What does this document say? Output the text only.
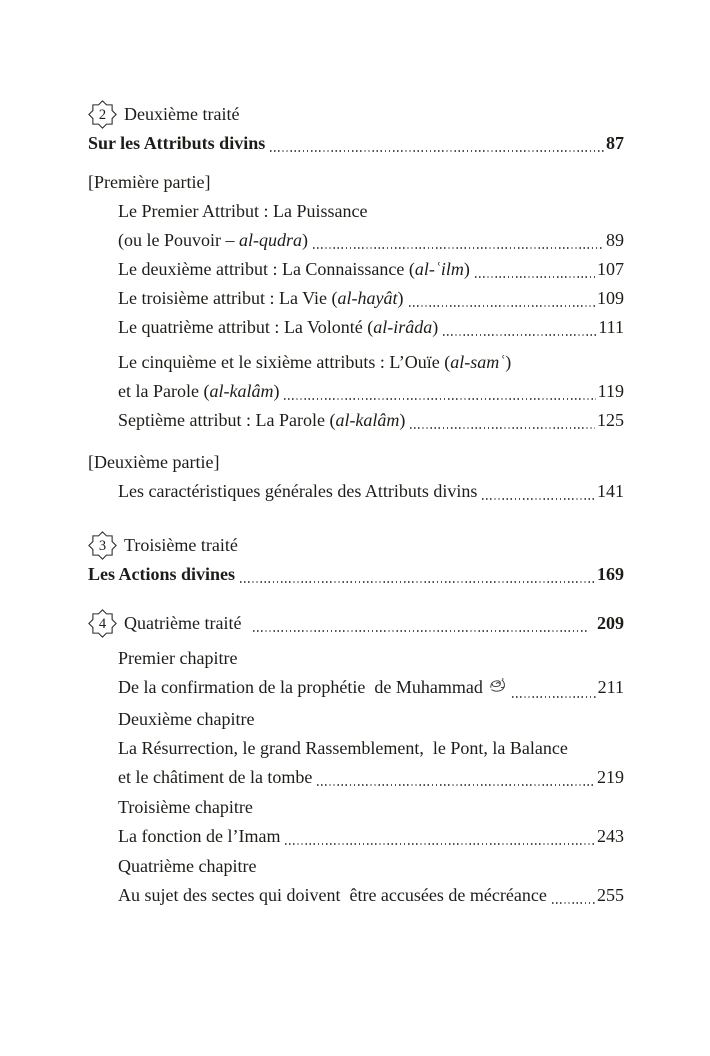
2 Deuxième traité
Sur les Attributs divins	87
[Première partie]
Le Premier Attribut : La Puissance
(ou le Pouvoir – al-qudra )	89
Le deuxième attribut : La Connaissance ( al-ʿilm )	107
Le troisième attribut : La Vie ( al-hayât )	109
Le quatrième attribut : La Volonté ( al-irâda )	111
Le cinquième et le sixième attributs : L’Ouïe ( al-samʿ )
et la Parole ( al-kalâm )	119
Septième attribut : La Parole ( al-kalâm )	125
[Deuxième partie]
Les caractéristiques générales des Attributs divins	141
3 Troisième traité
Les Actions divines	169
4 Quatrième traité	209
Premier chapitre
De la confirmation de la prophétie  de Muhammad	211
Deuxième chapitre
La Résurrection, le grand Rassemblement,  le Pont, la Balance
et le châtiment de la tombe	219
Troisième chapitre
La fonction de l’Imam	243
Quatrième chapitre
Au sujet des sectes qui doivent  être accusées de mécréance	255
